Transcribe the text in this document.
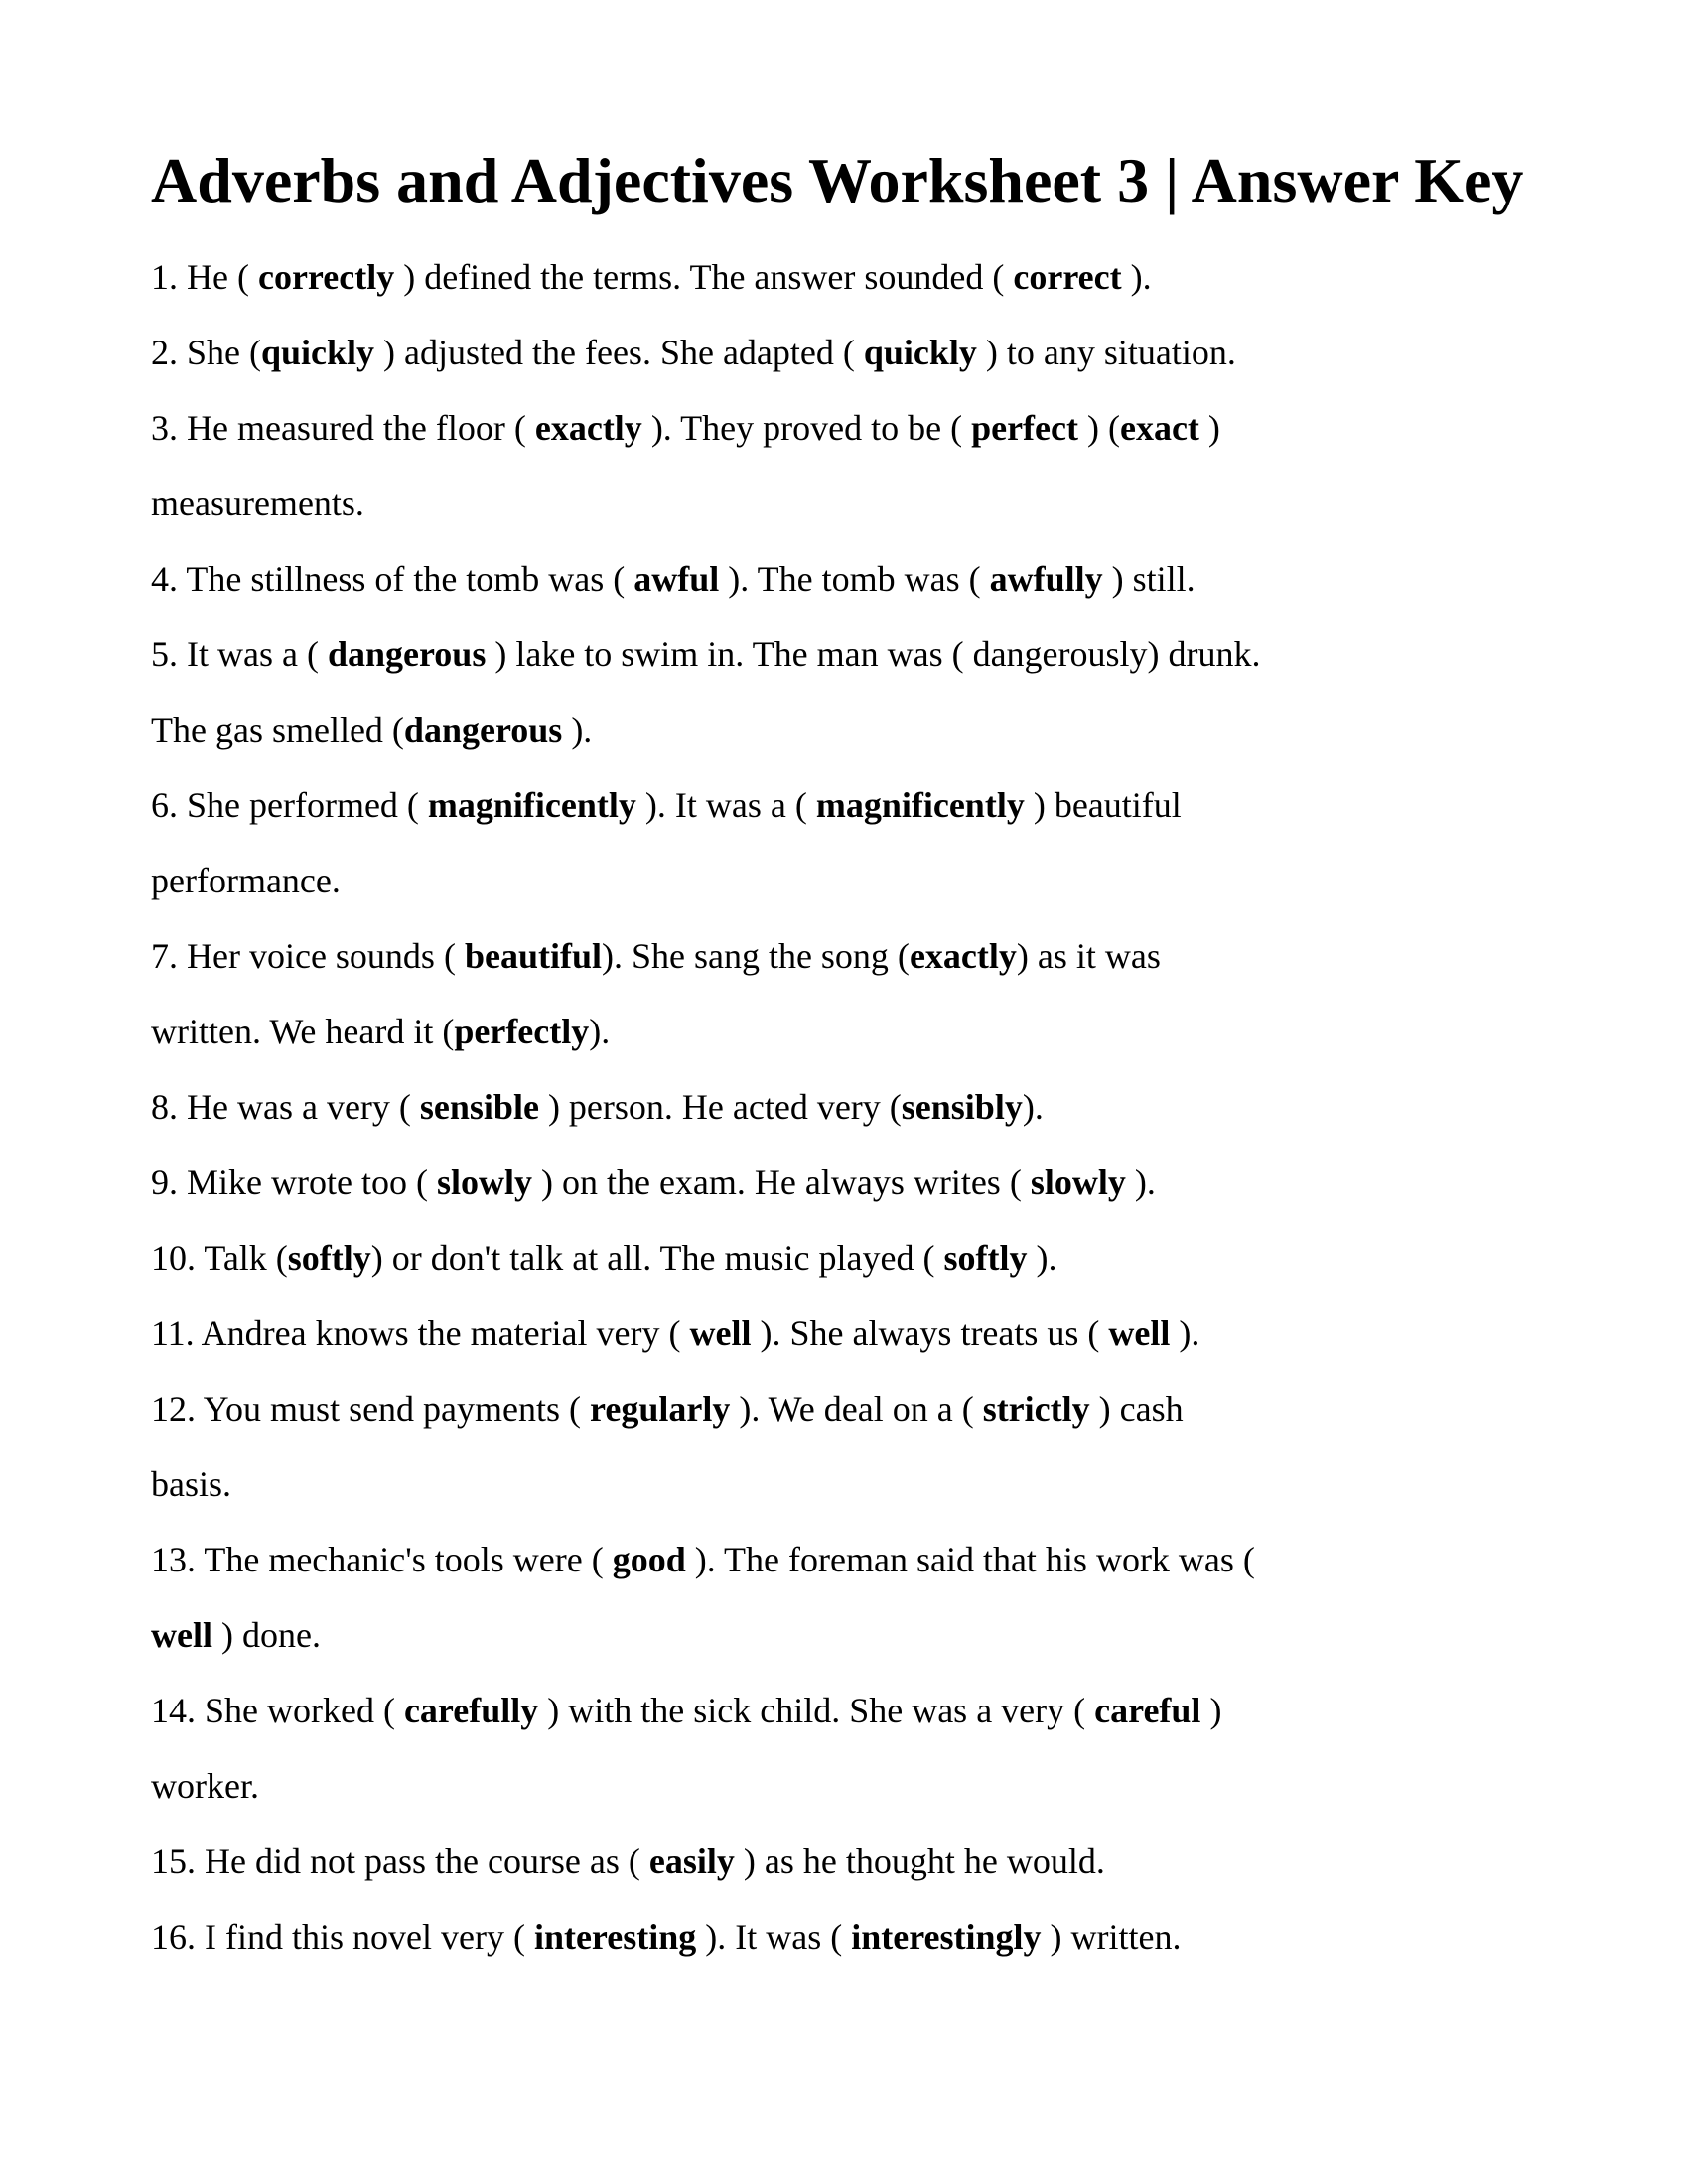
Adverbs and Adjectives Worksheet 3 | Answer Key
1. He ( correctly ) defined the terms. The answer sounded ( correct ).
2. She (quickly ) adjusted the fees. She adapted ( quickly ) to any situation.
3. He measured the floor ( exactly ). They proved to be ( perfect ) (exact )
measurements.
4. The stillness of the tomb was ( awful ). The tomb was ( awfully ) still.
5. It was a ( dangerous ) lake to swim in. The man was ( dangerously) drunk.
The gas smelled (dangerous ).
6. She performed ( magnificently ). It was a ( magnificently ) beautiful
performance.
7. Her voice sounds ( beautiful). She sang the song (exactly) as it was
written. We heard it (perfectly).
8. He was a very ( sensible ) person. He acted very (sensibly).
9. Mike wrote too ( slowly ) on the exam. He always writes ( slowly ).
10. Talk (softly) or don't talk at all. The music played ( softly ).
11. Andrea knows the material very ( well ). She always treats us ( well ).
12. You must send payments ( regularly ). We deal on a ( strictly ) cash
basis.
13. The mechanic's tools were ( good ). The foreman said that his work was (
well ) done.
14. She worked ( carefully ) with the sick child. She was a very ( careful )
worker.
15. He did not pass the course as ( easily ) as he thought he would.
16. I find this novel very ( interesting ). It was ( interestingly ) written.
